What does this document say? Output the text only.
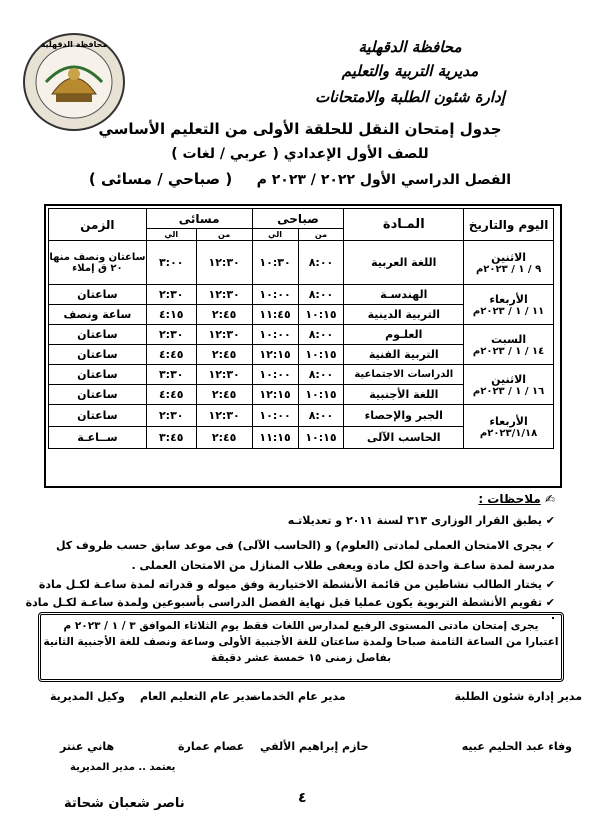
محافظة الدقهلية	محافظة الدقهلية
مديرية التربية والتعليم
إدارة شئون الطلبة والامتحانات
جدول إمتحان النقل للحلقة الأولى من التعليم الأساسي
للصف الأول الإعدادي ( عربي / لغات )
الفصل الدراسي الأول ٢٠٢٢ / ٢٠٢٣ م     ( صباحي / مسائى )
اليوم والتاريخ	المـادة	صباحى		مسائى		الزمن
		من	الي	من	الي	

الاثنين
٩ / ١ / ٢٠٢٣م	اللغة العربية	٨:٠٠	١٠:٣٠	١٢:٣٠	٣:٠٠	ساعتان ونصف منها ٢٠ ق إملاء

الأربعاء
١١ / ١ / ٢٠٢٣م	الهندسـة	٨:٠٠	١٠:٠٠	١٢:٣٠	٢:٣٠	ساعتان
	التربية الدينية	١٠:١٥	١١:٤٥	٢:٤٥	٤:١٥	ساعة ونصف

السبت
١٤ / ١ / ٢٠٢٣م	العلـوم	٨:٠٠	١٠:٠٠	١٢:٣٠	٢:٣٠	ساعتان
	التربية الفنية	١٠:١٥	١٢:١٥	٢:٤٥	٤:٤٥	ساعتان

الاثنين
١٦ / ١ / ٢٠٢٣م	الدراسات الاجتماعية	٨:٠٠	١٠:٠٠	١٢:٣٠	٣:٣٠	ساعتان
	اللغة الأجنبية	١٠:١٥	١٢:١٥	٢:٤٥	٤:٤٥	ساعتان

الأربعاء
٢٠٢٣/١/١٨م	الجبر والإحصاء	٨:٠٠	١٠:٠٠	١٢:٣٠	٢:٣٠	ساعتان
	الحاسب الآلى	١٠:١٥	١١:١٥	٢:٤٥	٣:٤٥	ســاعـة
✍ ملاحظات :
✔ يطبق القرار الوزارى ٣١٣ لسنة ٢٠١١ و تعديلاتـه
✔ يجرى الامتحان العملى لمادتى (العلوم) و (الحاسب الآلى) فى موعد سابق حسب ظروف كل مدرسة لمدة ساعـة واحدة لكل مادة ويعفى طلاب المنازل من الامتحان العملى .
✔ يختار الطالب نشاطين من قائمة الأنشطة الاختيارية وفق ميوله و قدراته لمدة ساعـة لكـل مادة
✔ تقويم الأنشطة التربوية يكون عمليا قبل نهاية الفصل الدراسى بأسبوعين ولمدة ساعـة لكـل مادة .
يجرى إمتحان مادتى المستوى الرفيع لمدارس اللغات فقط يوم الثلاثاء الموافق ٣ / ١ / ٢٠٢٣ م
اعتبارا من الساعة الثامنة صباحا ولمدة ساعتان للغة الأجنبية الأولى وساعة ونصف للغة الأجنبية الثانية
بفاصل زمنى ١٥ خمسة عشر دقيقة
مدير إدارة شئون الطلبة
مدير عام الخدمات
مدير عام التعليم العام
وكيل المديرية
وفاء عبد الحليم عبيه
حازم إبراهيم الألفي
عصام عمارة
هاني عنتر
يعتمد .. مدير المديرية
٤
ناصر شعبان شحاتة
